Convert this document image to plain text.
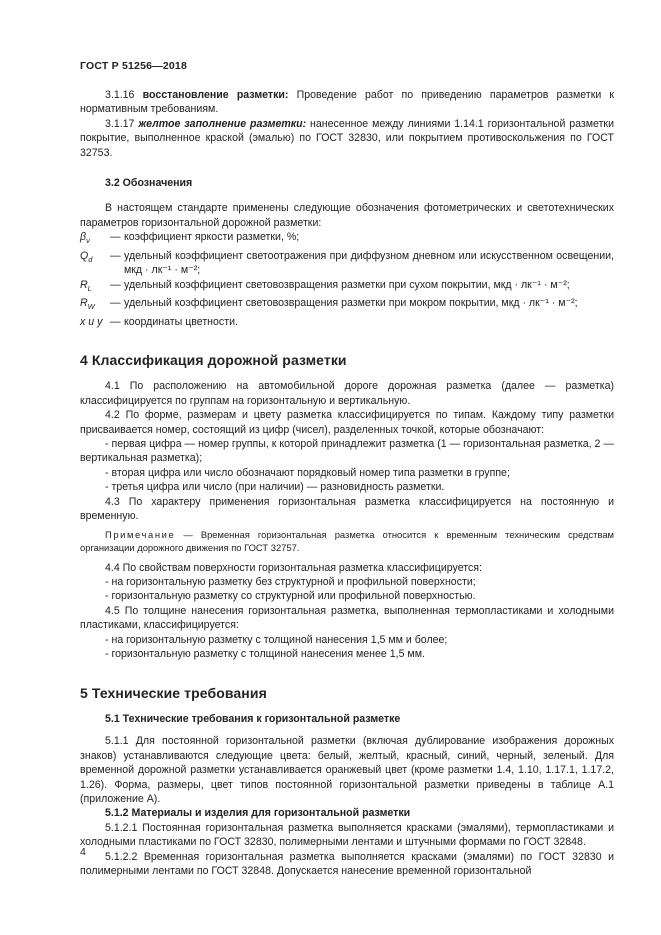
ГОСТ Р 51256—2018

3.1.16 восстановление разметки: Проведение работ по приведению параметров разметки к нормативным требованиям.

3.1.17 желтое заполнение разметки: нанесенное между линиями 1.14.1 горизонтальной разметки покрытие, выполненное краской (эмалью) по ГОСТ 32830, или покрытием противоскольжения по ГОСТ 32753.

3.2 Обозначения

В настоящем стандарте применены следующие обозначения фотометрических и светотехнических параметров горизонтальной дорожной разметки:

$\beta_v$	— коэффициент яркости разметки, %;
$Q_d$	— удельный коэффициент светоотражения при диффузном дневном или искусственном освещении, мкд · лк⁻¹ · м⁻²;
$R_L$	— удельный коэффициент световозвращения разметки при сухом покрытии, мкд · лк⁻¹ · м⁻²;
$R_W$	— удельный коэффициент световозвращения разметки при мокром покрытии, мкд · лк⁻¹ · м⁻²;
x и y — координаты цветности.
4 Классификация дорожной разметки

4.1 По расположению на автомобильной дороге дорожная разметка (далее — разметка) классифицируется по группам на горизонтальную и вертикальную.

4.2 По форме, размерам и цвету разметка классифицируется по типам. Каждому типу разметки присваивается номер, состоящий из цифр (чисел), разделенных точкой, которые обозначают:

- первая цифра — номер группы, к которой принадлежит разметка (1 — горизонтальная разметка, 2 — вертикальная разметка);

- вторая цифра или число обозначают порядковый номер типа разметки в группе;

- третья цифра или число (при наличии) — разновидность разметки.

4.3 По характеру применения горизонтальная разметка классифицируется на постоянную и временную.

Примечание — Временная горизонтальная разметка относится к временным техническим средствам организации дорожного движения по ГОСТ 32757.

4.4 По свойствам поверхности горизонтальная разметка классифицируется:

- на горизонтальную разметку без структурной и профильной поверхности;

- горизонтальную разметку со структурной или профильной поверхностью.

4.5 По толщине нанесения горизонтальная разметка, выполненная термопластиками и холодными пластиками, классифицируется:

- на горизонтальную разметку с толщиной нанесения 1,5 мм и более;

- горизонтальную разметку с толщиной нанесения менее 1,5 мм.

5 Технические требования
5.1 Технические требования к горизонтальной разметке

5.1.1 Для постоянной горизонтальной разметки (включая дублирование изображения дорожных знаков) устанавливаются следующие цвета: белый, желтый, красный, синий, черный, зеленый. Для временной дорожной разметки устанавливается оранжевый цвет (кроме разметки 1.4, 1.10, 1.17.1, 1.17.2, 1.26). Форма, размеры, цвет типов постоянной горизонтальной разметки приведены в таблице А.1 (приложение А).

5.1.2 Материалы и изделия для горизонтальной разметки

5.1.2.1 Постоянная горизонтальная разметка выполняется красками (эмалями), термопластиками и холодными пластиками по ГОСТ 32830, полимерными лентами и штучными формами по ГОСТ 32848.

5.1.2.2 Временная горизонтальная разметка выполняется красками (эмалями) по ГОСТ 32830 и полимерными лентами по ГОСТ 32848. Допускается нанесение временной горизонтальной

4
